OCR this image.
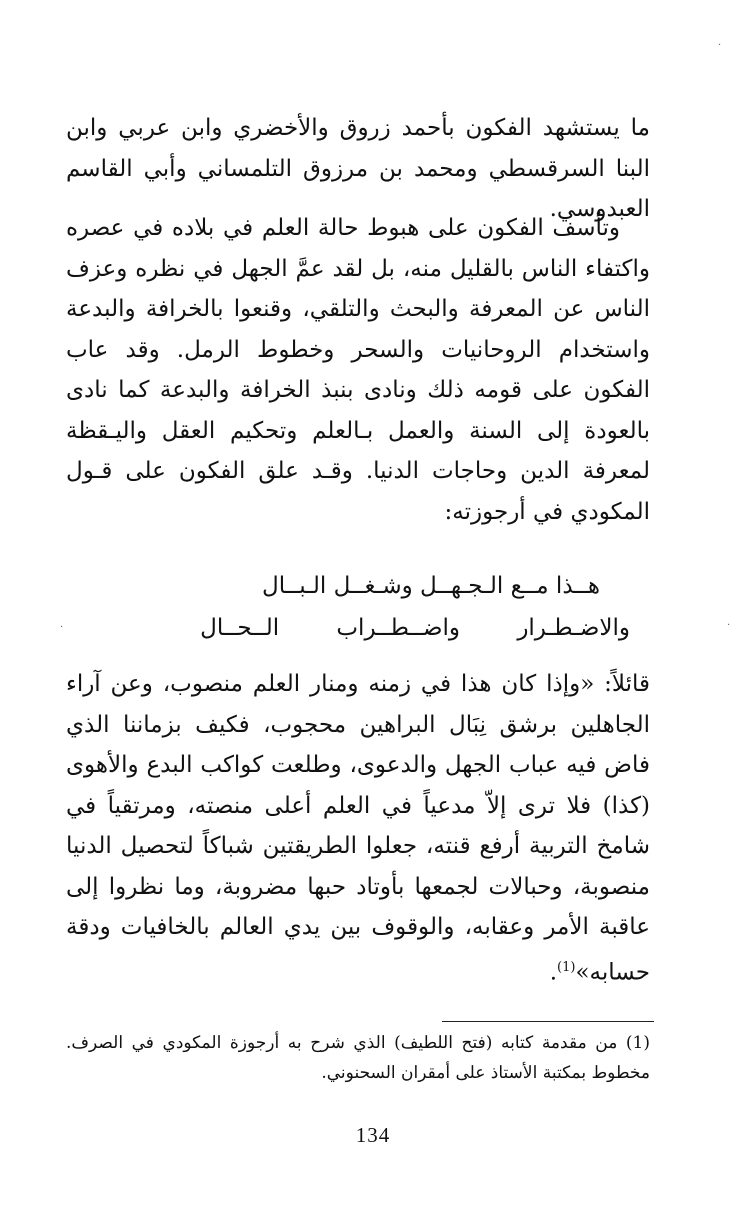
·
·
·

ما يستشهد الفكون بأحمد زروق والأخضري وابن عربي وابن البنا السرقسطي ومحمد بن مرزوق التلمساني وأبي القاسم العبدوسي.

وتأسف الفكون على هبوط حالة العلم في بلاده في عصره واكتفاء الناس بالقليل منه، بل لقد عمَّ الجهل في نظره وعزف الناس عن المعرفة والبحث والتلقي، وقنعوا بالخرافة والبدعة واستخدام الروحانيات والسحر وخطوط الرمل. وقد عاب الفكون على قومه ذلك ونادى بنبذ الخرافة والبدعة كما نادى بالعودة إلى السنة والعمل بـالعلم وتحكيم العقل واليـقظة لمعرفة الدين وحاجات الدنيا. وقـد علق الفكون على قـول المكودي في أرجوزته:

هــذا مــع الـجـهــل وشـغــل الـبــال
والاضـطـرار واضــطــراب الــحــال

قائلاً: «وإذا كان هذا في زمنه ومنار العلم منصوب، وعن آراء الجاهلين برشق نِبَال البراهين محجوب، فكيف بزماننا الذي فاض فيه عباب الجهل والدعوى، وطلعت كواكب البدع والأهوى (كذا) فلا ترى إلاّ مدعياً في العلم أعلى منصته، ومرتقياً في شامخ التربية أرفع قنته، جعلوا الطريقتين شباكاً لتحصيل الدنيا منصوبة، وحبالات لجمعها بأوتاد حبها مضروبة، وما نظروا إلى عاقبة الأمر وعقابه، والوقوف بين يدي العالم بالخافيات ودقة حسابه»$^{(1)}$.

(1) من مقدمة كتابه (فتح اللطيف) الذي شرح به أرجوزة المكودي في الصرف. مخطوط بمكتبة الأستاذ على أمقران السحنوني.

134
